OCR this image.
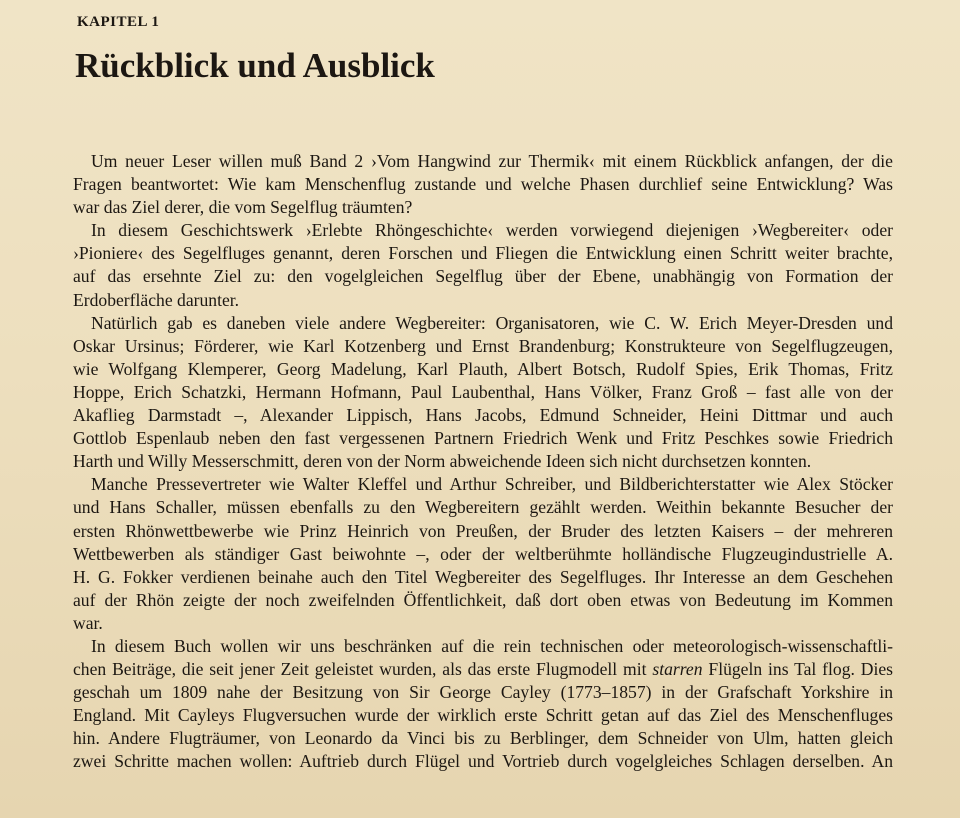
KAPITEL 1
Rückblick und Ausblick

Um neuer Leser willen muß Band 2 ›Vom Hangwind zur Thermik‹ mit einem Rückblick anfangen, der die
Fragen beantwortet: Wie kam Menschenflug zustande und welche Phasen durchlief seine Entwicklung? Was
war das Ziel derer, die vom Segelflug träumten?

In diesem Geschichtswerk ›Erlebte Rhöngeschichte‹ werden vorwiegend diejenigen ›Wegbereiter‹ oder
›Pioniere‹ des Segelfluges genannt, deren Forschen und Fliegen die Entwicklung einen Schritt weiter brachte,
auf das ersehnte Ziel zu: den vogelgleichen Segelflug über der Ebene, unabhängig von Formation der
Erdoberfläche darunter.

Natürlich gab es daneben viele andere Wegbereiter: Organisatoren, wie C. W. Erich Meyer-Dresden und
Oskar Ursinus; Förderer, wie Karl Kotzenberg und Ernst Brandenburg; Konstrukteure von Segelflugzeugen,
wie Wolfgang Klemperer, Georg Madelung, Karl Plauth, Albert Botsch, Rudolf Spies, Erik Thomas, Fritz
Hoppe, Erich Schatzki, Hermann Hofmann, Paul Laubenthal, Hans Völker, Franz Groß – fast alle von der
Akaflieg Darmstadt –, Alexander Lippisch, Hans Jacobs, Edmund Schneider, Heini Dittmar und auch
Gottlob Espenlaub neben den fast vergessenen Partnern Friedrich Wenk und Fritz Peschkes sowie Friedrich
Harth und Willy Messerschmitt, deren von der Norm abweichende Ideen sich nicht durchsetzen konnten.

Manche Pressevertreter wie Walter Kleffel und Arthur Schreiber, und Bildberichterstatter wie Alex Stöcker
und Hans Schaller, müssen ebenfalls zu den Wegbereitern gezählt werden. Weithin bekannte Besucher der
ersten Rhönwettbewerbe wie Prinz Heinrich von Preußen, der Bruder des letzten Kaisers – der mehreren
Wettbewerben als ständiger Gast beiwohnte –, oder der weltberühmte holländische Flugzeugindustrielle A.
H. G. Fokker verdienen beinahe auch den Titel Wegbereiter des Segelfluges. Ihr Interesse an dem Geschehen
auf der Rhön zeigte der noch zweifelnden Öffentlichkeit, daß dort oben etwas von Bedeutung im Kommen
war.

In diesem Buch wollen wir uns beschränken auf die rein technischen oder meteorologisch-wissenschaftli-
chen Beiträge, die seit jener Zeit geleistet wurden, als das erste Flugmodell mit starren Flügeln ins Tal flog. Dies
geschah um 1809 nahe der Besitzung von Sir George Cayley (1773–1857) in der Grafschaft Yorkshire in
England. Mit Cayleys Flugversuchen wurde der wirklich erste Schritt getan auf das Ziel des Menschenfluges
hin. Andere Flugträumer, von Leonardo da Vinci bis zu Berblinger, dem Schneider von Ulm, hatten gleich
zwei Schritte machen wollen: Auftrieb durch Flügel und Vortrieb durch vogelgleiches Schlagen derselben. An
